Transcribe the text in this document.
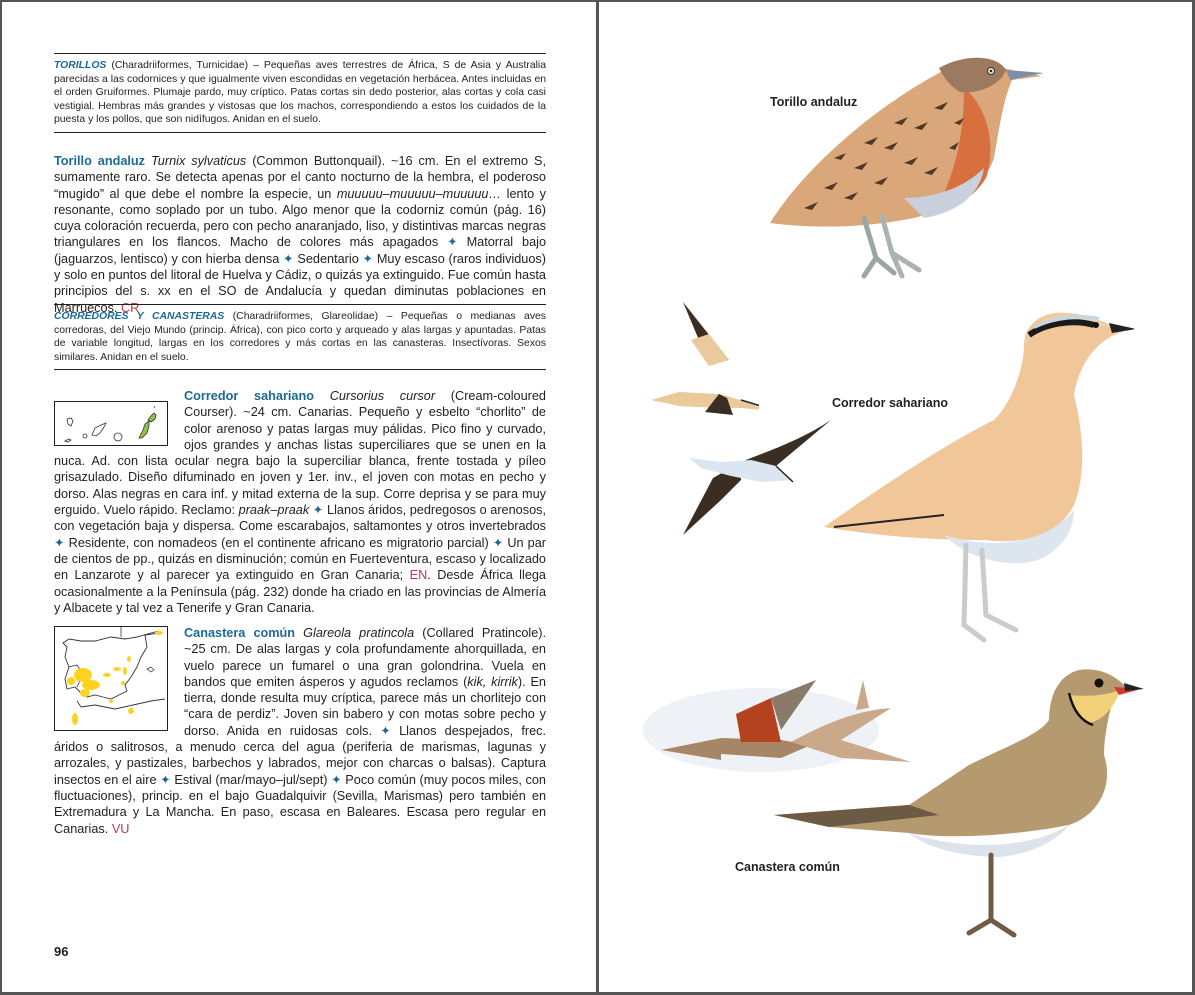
TORILLOS (Charadriiformes, Turnicidae) – Pequeñas aves terrestres de África, S de Asia y Australia parecidas a las codornices y que igualmente viven escondidas en vegetación herbácea. Antes incluidas en el orden Gruiformes. Plumaje pardo, muy críptico. Patas cortas sin dedo posterior, alas cortas y cola casi vestigial. Hembras más grandes y vistosas que los machos, correspondiendo a estos los cuidados de la puesta y los pollos, que son nidífugos. Anidan en el suelo.
Torillo andaluz Turnix sylvaticus (Common Buttonquail). ~16 cm. En el extremo S, sumamente raro. Se detecta apenas por el canto nocturno de la hembra, el poderoso “mugido” al que debe el nombre la especie, un muuuuu–muuuuu–muuuuu… lento y resonante, como soplado por un tubo. Algo menor que la codorniz común (pág. 16) cuya coloración recuerda, pero con pecho anaranjado, liso, y distintivas marcas negras triangulares en los flancos. Macho de colores más apagados ✦ Matorral bajo (jaguarzos, lentisco) y con hierba densa ✦ Sedentario ✦ Muy escaso (raros individuos) y solo en puntos del litoral de Huelva y Cádiz, o quizás ya extinguido. Fue común hasta principios del s. xx en el SO de Andalucía y quedan diminutas poblaciones en Marruecos. CR
CORREDORES Y CANASTERAS (Charadriiformes, Glareolidae) – Pequeñas o medianas aves corredoras, del Viejo Mundo (princip. África), con pico corto y arqueado y alas largas y apuntadas. Patas de variable longitud, largas en los corredores y más cortas en las canasteras. Insectívoras. Sexos similares. Anidan en el suelo.
Corredor sahariano Cursorius cursor (Cream-coloured Courser). ~24 cm. Canarias. Pequeño y esbelto “chorlito” de color arenoso y patas largas muy pálidas. Pico fino y curvado, ojos grandes y anchas listas superciliares que se unen en la nuca. Ad. con lista ocular negra bajo la superciliar blanca, frente tostada y píleo grisazulado. Diseño difuminado en joven y 1er. inv., el joven con motas en pecho y dorso. Alas negras en cara inf. y mitad externa de la sup. Corre deprisa y se para muy erguido. Vuelo rápido. Reclamo: praak–praak ✦ Llanos áridos, pedregosos o arenosos, con vegetación baja y dispersa. Come escarabajos, saltamontes y otros invertebrados ✦ Residente, con nomadeos (en el continente africano es migratorio parcial) ✦ Un par de cientos de pp., quizás en disminución; común en Fuerteventura, escaso y localizado en Lanzarote y al parecer ya extinguido en Gran Canaria; EN. Desde África llega ocasionalmente a la Península (pág. 232) donde ha criado en las provincias de Almería y Albacete y tal vez a Tenerife y Gran Canaria.
Canastera común Glareola pratincola (Collared Pratincole). ~25 cm. De alas largas y cola profundamente ahorquillada, en vuelo parece un fumarel o una gran golondrina. Vuela en bandos que emiten ásperos y agudos reclamos (kik, kirrik). En tierra, donde resulta muy críptica, parece más un chorlitejo con “cara de perdiz”. Joven sin babero y con motas sobre pecho y dorso. Anida en ruidosas cols. ✦ Llanos despejados, frec. áridos o salitrosos, a menudo cerca del agua (periferia de marismas, lagunas y arrozales, y pastizales, barbechos y labrados, mejor con charcas o balsas). Captura insectos en el aire ✦ Estival (mar/mayo–jul/sept) ✦ Poco común (muy pocos miles, con fluctuaciones), princip. en el bajo Guadalquivir (Sevilla, Marismas) pero también en Extremadura y La Mancha. En paso, escasa en Baleares. Escasa pero regular en Canarias. VU
96
Torillo andaluz
Corredor sahariano
Canastera común
